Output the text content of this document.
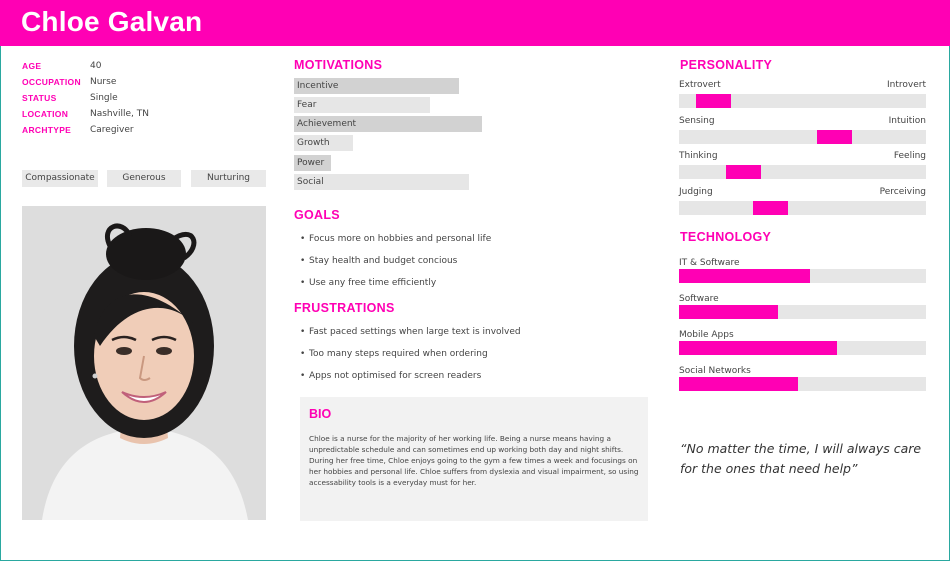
Chloe Galvan
AGE	40
OCCUPATION Nurse
STATUS	Single
LOCATION Nashville, TN
ARCHTYPE Caregiver
Compassionate	Generous	Nurturing
MOTIVATIONS
Incentive
Fear
Achievement
Growth
Power
Social
GOALS
• Focus more on hobbies and personal life
• Stay health and budget concious
• Use any free time efficiently
FRUSTRATIONS
• Fast paced settings when large text is involved
• Too many steps required when ordering
• Apps not optimised for screen readers
BIO
Chloe is a nurse for the majority of her working life. Being a nurse means having a unpredictable schedule and can sometimes end up working both day and night shifts. During her free time, Chloe enjoys going to the gym a few times a week and focusings on her hobbies and personal life. Chloe suffers from dyslexia and visual impairment, so using accessability tools is a everyday must for her.
PERSONALITY
Extrovert	Introvert
Sensing	Intuition
Thinking	Feeling
Judging	Perceiving
TECHNOLOGY
IT & Software
Software
Mobile Apps
Social Networks
“No matter the time, I will always care for the ones that need help”
